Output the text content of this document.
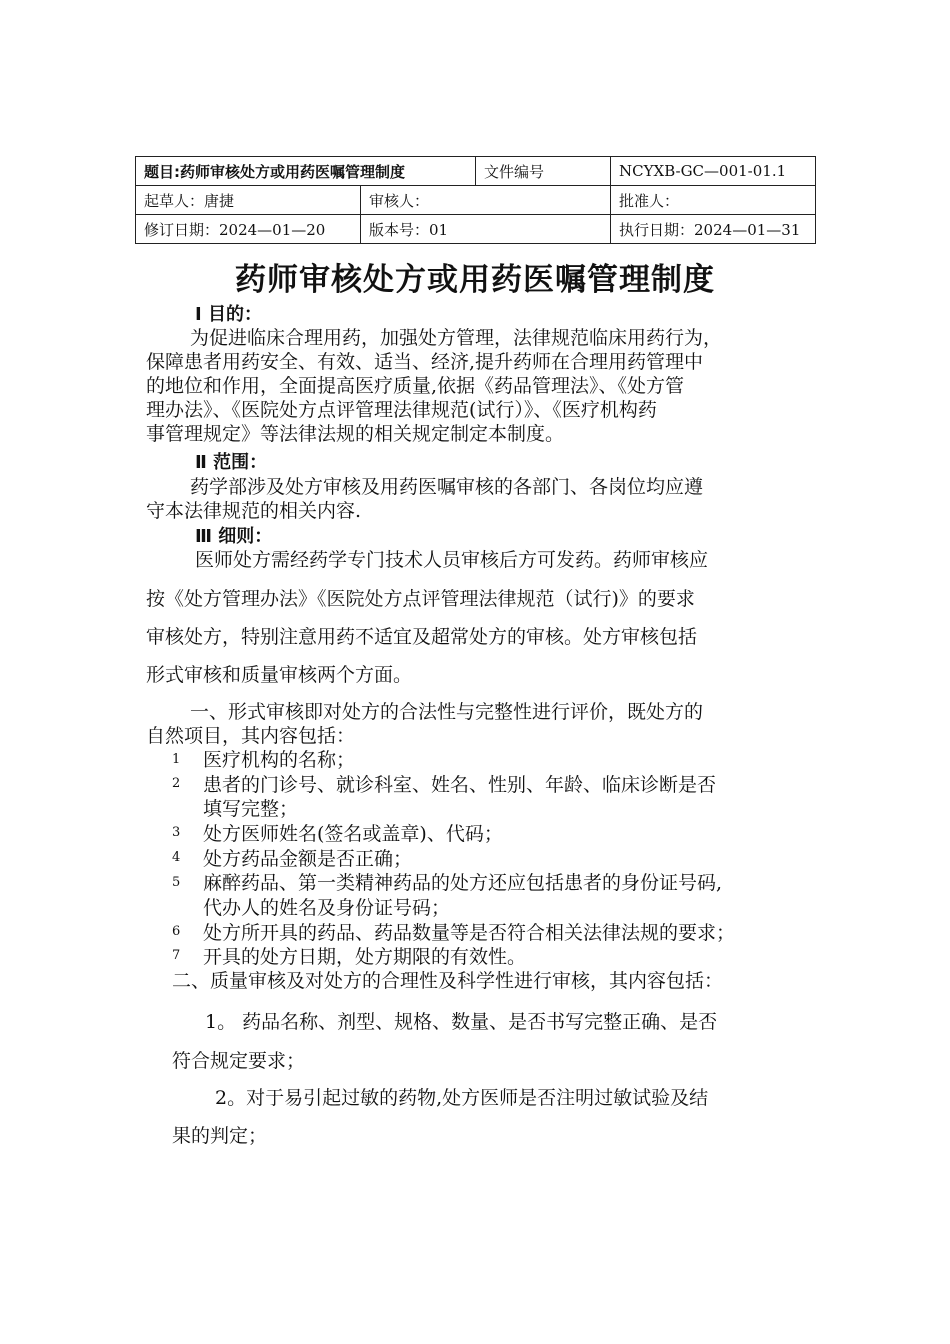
题目:药师审核处方或用药医嘱管理制度		文件编号	NCYXB-GC—001-01.1
起草人：唐捷	审核人：		批准人：
修订日期：2024—01—20	版本号：01		执行日期：2024—01—31
药师审核处方或用药医嘱管理制度
Ⅰ 目的：
为促进临床合理用药，加强处方管理，法律规范临床用药行为，
保障患者用药安全、有效、适当、经济,提升药师在合理用药管理中
的地位和作用，全面提高医疗质量,依据《药品管理法》、《处方管
理办法》、《医院处方点评管理法律规范(试行）》、《医疗机构药
事管理规定》等法律法规的相关规定制定本制度。
Ⅱ 范围：
药学部涉及处方审核及用药医嘱审核的各部门、各岗位均应遵
守本法律规范的相关内容.
Ⅲ 细则：
医师处方需经药学专门技术人员审核后方可发药。药师审核应
按《处方管理办法》《医院处方点评管理法律规范（试行)》的要求
审核处方，特别注意用药不适宜及超常处方的审核。处方审核包括
形式审核和质量审核两个方面。
一、形式审核即对处方的合法性与完整性进行评价，既处方的
自然项目，其内容包括：
1 医疗机构的名称；
2 患者的门诊号、就诊科室、姓名、性别、年龄、临床诊断是否
填写完整；
3 处方医师姓名(签名或盖章)、代码；
4 处方药品金额是否正确；
5 麻醉药品、第一类精神药品的处方还应包括患者的身份证号码,
代办人的姓名及身份证号码；
6 处方所开具的药品、药品数量等是否符合相关法律法规的要求；
7 开具的处方日期，处方期限的有效性。
二、质量审核及对处方的合理性及科学性进行审核，其内容包括：
1。 药品名称、剂型、规格、数量、是否书写完整正确、是否
符合规定要求；
2。对于易引起过敏的药物,处方医师是否注明过敏试验及结
果的判定；
